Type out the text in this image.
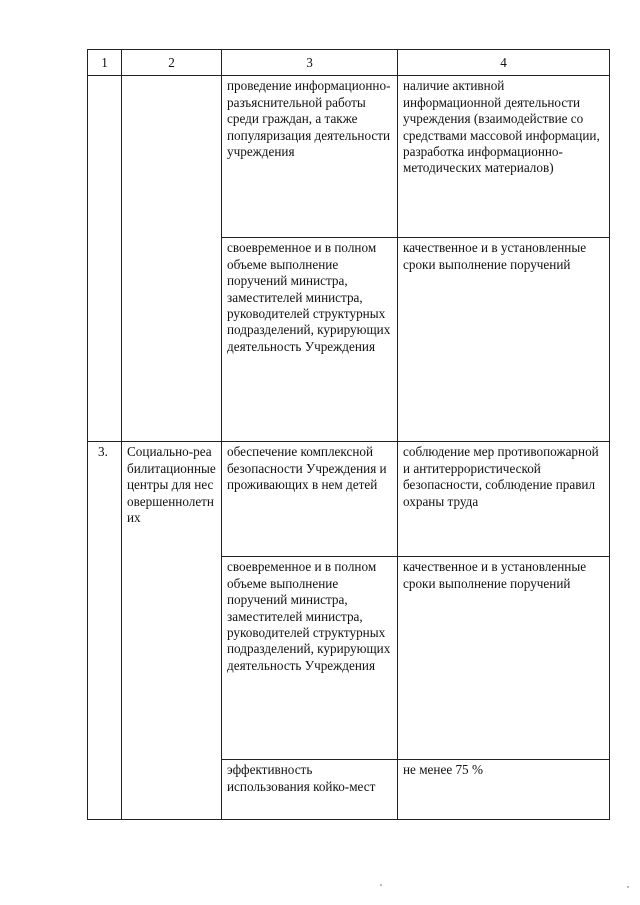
1	2	3	4
		проведение информационно-разъяснительной работы среди граждан, а также популяризация деятельности учреждения	наличие активной информационной деятельности учреждения (взаимодействие со средствами массовой информации, разработка информационно-методических материалов)
		своевременное и в полном объеме выполнение поручений министра, заместителей министра, руководителей структурных подразделений, курирующих деятельность Учреждения	качественное и в установленные сроки выполнение поручений
3.	Социально-реабилитационные центры для несовершеннолетних	обеспечение комплексной безопасности Учреждения и проживающих в нем детей	соблюдение мер противопожарной и антитеррористической безопасности, соблюдение правил охраны труда
		своевременное и в полном объеме выполнение поручений министра, заместителей министра, руководителей структурных подразделений, курирующих деятельность Учреждения	качественное и в установленные сроки выполнение поручений
		эффективность использования койко-мест	не менее 75 %
